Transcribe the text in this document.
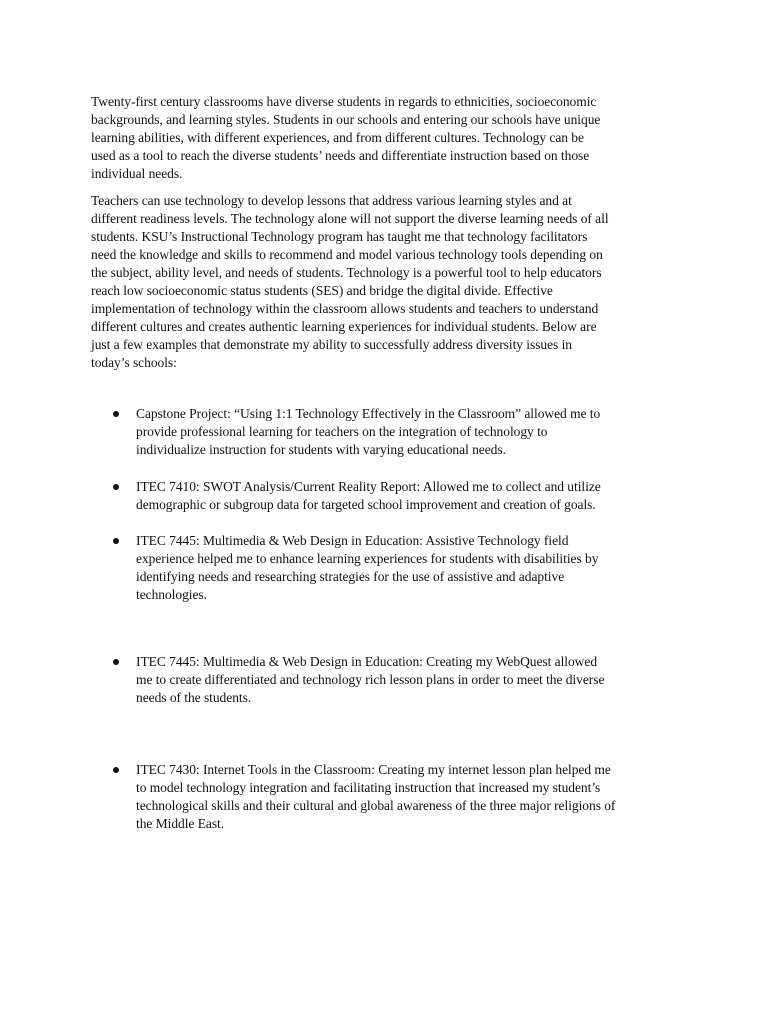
Twenty-first century classrooms have diverse students in regards to ethnicities, socioeconomic
backgrounds, and learning styles. Students in our schools and entering our schools have unique
learning abilities, with different experiences, and from different cultures. Technology can be
used as a tool to reach the diverse students’ needs and differentiate instruction based on those
individual needs.

Teachers can use technology to develop lessons that address various learning styles and at
different readiness levels. The technology alone will not support the diverse learning needs of all
students. KSU’s Instructional Technology program has taught me that technology facilitators
need the knowledge and skills to recommend and model various technology tools depending on
the subject, ability level, and needs of students. Technology is a powerful tool to help educators
reach low socioeconomic status students (SES) and bridge the digital divide. Effective
implementation of technology within the classroom allows students and teachers to understand
different cultures and creates authentic learning experiences for individual students. Below are
just a few examples that demonstrate my ability to successfully address diversity issues in
today’s schools:

Capstone Project: “Using 1:1 Technology Effectively in the Classroom” allowed me to
provide professional learning for teachers on the integration of technology to
individualize instruction for students with varying educational needs.

ITEC 7410: SWOT Analysis/Current Reality Report: Allowed me to collect and utilize
demographic or subgroup data for targeted school improvement and creation of goals.

ITEC 7445: Multimedia & Web Design in Education: Assistive Technology field
experience helped me to enhance learning experiences for students with disabilities by
identifying needs and researching strategies for the use of assistive and adaptive
technologies.

ITEC 7445: Multimedia & Web Design in Education: Creating my WebQuest allowed
me to create differentiated and technology rich lesson plans in order to meet the diverse
needs of the students.

ITEC 7430: Internet Tools in the Classroom: Creating my internet lesson plan helped me
to model technology integration and facilitating instruction that increased my student’s
technological skills and their cultural and global awareness of the three major religions of
the Middle East.
